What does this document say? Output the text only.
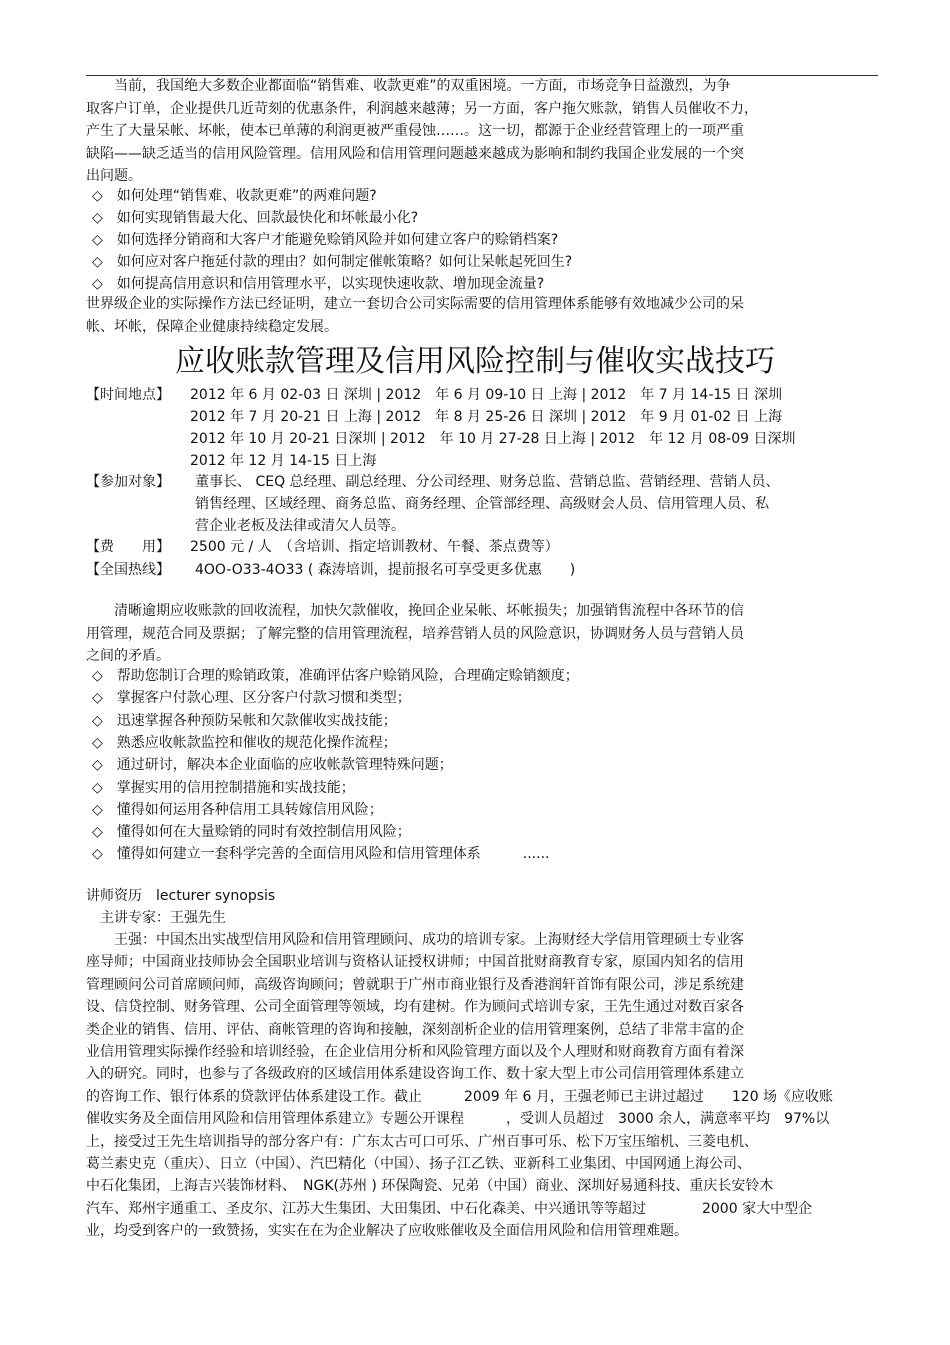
　　当前，我国绝大多数企业都面临“销售难、收款更难”的双重困境。一方面，市场竞争日益激烈，为争
取客户订单，企业提供几近苛刻的优惠条件，利润越来越薄；另一方面，客户拖欠账款，销售人员催收不力，
产生了大量呆帐、坏帐，使本已单薄的利润更被严重侵蚀……。这一切，都源于企业经营管理上的一项严重
缺陷——缺乏适当的信用风险管理。信用风险和信用管理问题越来越成为影响和制约我国企业发展的一个突
出问题。
◇　如何处理“销售难、收款更难”的两难问题?
◇　如何实现销售最大化、回款最快化和坏帐最小化?
◇　如何选择分销商和大客户才能避免赊销风险并如何建立客户的赊销档案?
◇　如何应对客户拖延付款的理由？如何制定催帐策略？如何让呆帐起死回生?
◇　如何提高信用意识和信用管理水平，以实现快速收款、增加现金流量?
世界级企业的实际操作方法已经证明，建立一套切合公司实际需要的信用管理体系能够有效地减少公司的呆
帐、坏帐，保障企业健康持续稳定发展。
应收账款管理及信用风险控制与催收实战技巧
【时间地点】 2012 年 6 月 02-03 日 深圳 | 2012　年 6 月 09-10 日 上海 | 2012　年 7 月 14-15 日 深圳
2012 年 7 月 20-21 日 上海 | 2012　年 8 月 25-26 日 深圳 | 2012　年 9 月 01-02 日 上海
2012 年 10 月 20-21 日深圳 | 2012　年 10 月 27-28 日上海 | 2012　年 12 月 08-09 日深圳
2012 年 12 月 14-15 日上海
【参加对象】 董事长、 CEQ 总经理、副总经理、分公司经理、财务总监、营销总监、营销经理、营销人员、
销售经理、区域经理、商务总监、商务经理、企管部经理、高级财会人员、信用管理人员、私
营企业老板及法律或清欠人员等。
【费　　用】 2500 元 / 人　（含培训、指定培训教材、午餐、茶点费等）
【全国热线】 4OO-O33-4O33 ( 森涛培训，提前报名可享受更多优惠　　)
　　清晰逾期应收账款的回收流程，加快欠款催收，挽回企业呆帐、坏帐损失；加强销售流程中各环节的信
用管理，规范合同及票据；了解完整的信用管理流程，培养营销人员的风险意识，协调财务人员与营销人员
之间的矛盾。
◇　帮助您制订合理的赊销政策，准确评估客户赊销风险，合理确定赊销额度；
◇　掌握客户付款心理、区分客户付款习惯和类型；
◇　迅速掌握各种预防呆帐和欠款催收实战技能；
◇　熟悉应收帐款监控和催收的规范化操作流程；
◇　通过研讨，解决本企业面临的应收帐款管理特殊问题；
◇　掌握实用的信用控制措施和实战技能；
◇　懂得如何运用各种信用工具转嫁信用风险；
◇　懂得如何在大量赊销的同时有效控制信用风险；
◇　懂得如何建立一套科学完善的全面信用风险和信用管理体系　　　......
讲师资历　lecturer synopsis
　主讲专家：王强先生
　　王强：中国杰出实战型信用风险和信用管理顾问、成功的培训专家。上海财经大学信用管理硕士专业客
座导师；中国商业技师协会全国职业培训与资格认证授权讲师；中国首批财商教育专家，原国内知名的信用
管理顾问公司首席顾问师，高级咨询顾问；曾就职于广州市商业银行及香港润轩首饰有限公司，涉足系统建
设、信贷控制、财务管理、公司全面管理等领域，均有建树。作为顾问式培训专家，王先生通过对数百家各
类企业的销售、信用、评估、商帐管理的咨询和接触，深刻剖析企业的信用管理案例，总结了非常丰富的企
业信用管理实际操作经验和培训经验，在企业信用分析和风险管理方面以及个人理财和财商教育方面有着深
入的研究。同时，也参与了各级政府的区域信用体系建设咨询工作、数十家大型上市公司信用管理体系建立
的咨询工作、银行体系的贷款评估体系建设工作。截止　　　2009 年 6 月，王强老师已主讲过超过　　120 场《应收账
催收实务及全面信用风险和信用管理体系建立》专题公开课程　　　，受训人员超过　3000 余人，满意率平均　97%以
上，接受过王先生培训指导的部分客户有：广东太古可口可乐、广州百事可乐、松下万宝压缩机、三菱电机、
葛兰素史克（重庆）、日立（中国）、汽巴精化（中国）、扬子江乙铁、亚新科工业集团、中国网通上海公司、
中石化集团，上海吉兴装饰材料、　NGK(苏州 ) 环保陶瓷、兄弟（中国）商业、深圳好易通科技、重庆长安铃木
汽车、郑州宇通重工、圣皮尔、江苏大生集团、大田集团、中石化森美、中兴通讯等等超过　　　　2000 家大中型企
业，均受到客户的一致赞扬，实实在在为企业解决了应收账催收及全面信用风险和信用管理难题。
